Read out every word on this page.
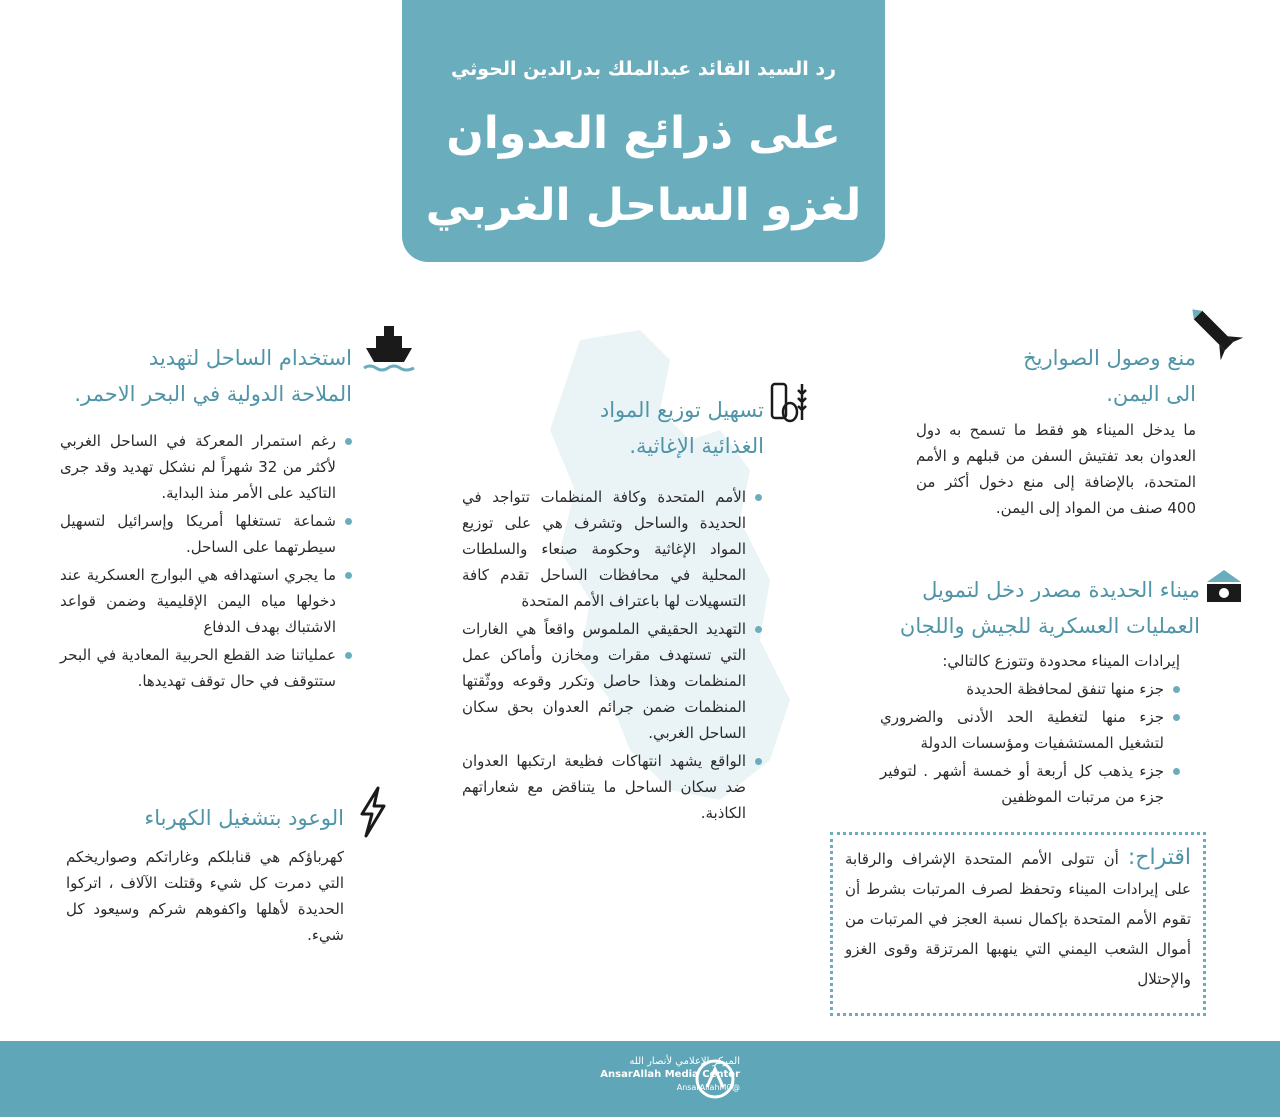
رد السيد القائد عبدالملك بدرالدين الحوثي
على ذرائع العدوان
لغزو الساحل الغربي

منع وصول الصواريخ

الى اليمن.

ما يدخل الميناء هو فقط ما تسمح به دول العدوان بعد تفتيش السفن من قبلهم و الأمم المتحدة، بالإضافة إلى منع دخول أكثر من 400 صنف من المواد إلى اليمن.

ميناء الحديدة مصدر دخل لتمويل

العمليات العسكرية للجيش واللجان

إيرادات الميناء محدودة وتتوزع كالتالي:
جزء منها تنفق لمحافظة الحديدة
جزء منها لتغطية الحد الأدنى والضروري لتشغيل المستشفيات ومؤسسات الدولة
جزء يذهب كل أربعة أو خمسة أشهر . لتوفير جزء من مرتبات الموظفين
اقتراح: أن تتولى الأمم المتحدة الإشراف والرقابة على إيرادات الميناء وتحفظ لصرف المرتبات بشرط أن تقوم الأمم المتحدة بإكمال نسبة العجز في المرتبات من أموال الشعب اليمني التي ينهبها المرتزقة وقوى الغزو والإحتلال

تسهيل توزيع المواد

الغذائية الإغاثية.

الأمم المتحدة وكافة المنظمات تتواجد في الحديدة والساحل وتشرف هي على توزيع المواد الإغاثية وحكومة صنعاء والسلطات المحلية في محافظات الساحل تقدم كافة التسهيلات لها باعتراف الأمم المتحدة
التهديد الحقيقي الملموس واقعاً هي الغارات التي تستهدف مقرات ومخازن وأماكن عمل المنظمات وهذا حاصل وتكرر وقوعه ووثّقتها المنظمات ضمن جرائم العدوان بحق سكان الساحل الغربي.
الواقع يشهد انتهاكات فظيعة ارتكبها العدوان ضد سكان الساحل ما يتناقض مع شعاراتهم الكاذبة.

استخدام الساحل لتهديد

الملاحة الدولية في البحر الاحمر.

رغم استمرار المعركة في الساحل الغربي لأكثر من 32 شهراً لم نشكل تهديد وقد جرى التاكيد على الأمر منذ البداية.
شماعة تستغلها أمريكا وإسرائيل لتسهيل سيطرتهما على الساحل.
ما يجري استهدافه هي البوارج العسكرية عند دخولها مياه اليمن الإقليمية وضمن قواعد الاشتباك بهدف الدفاع
عملياتنا ضد القطع الحربية المعادية في البحر ستتوقف في حال توقف تهديدها.

الوعود بتشغيل الكهرباء

كهرباؤكم هي قنابلكم وغاراتكم وصواريخكم التي دمرت كل شيء وقتلت الآلاف ، اتركوا الحديدة لأهلها واكفوهم شركم وسيعود كل شيء.
المركز الإعلامي لأنصار الله
AnsarAllah Media Center
@AnsarAllahMC
